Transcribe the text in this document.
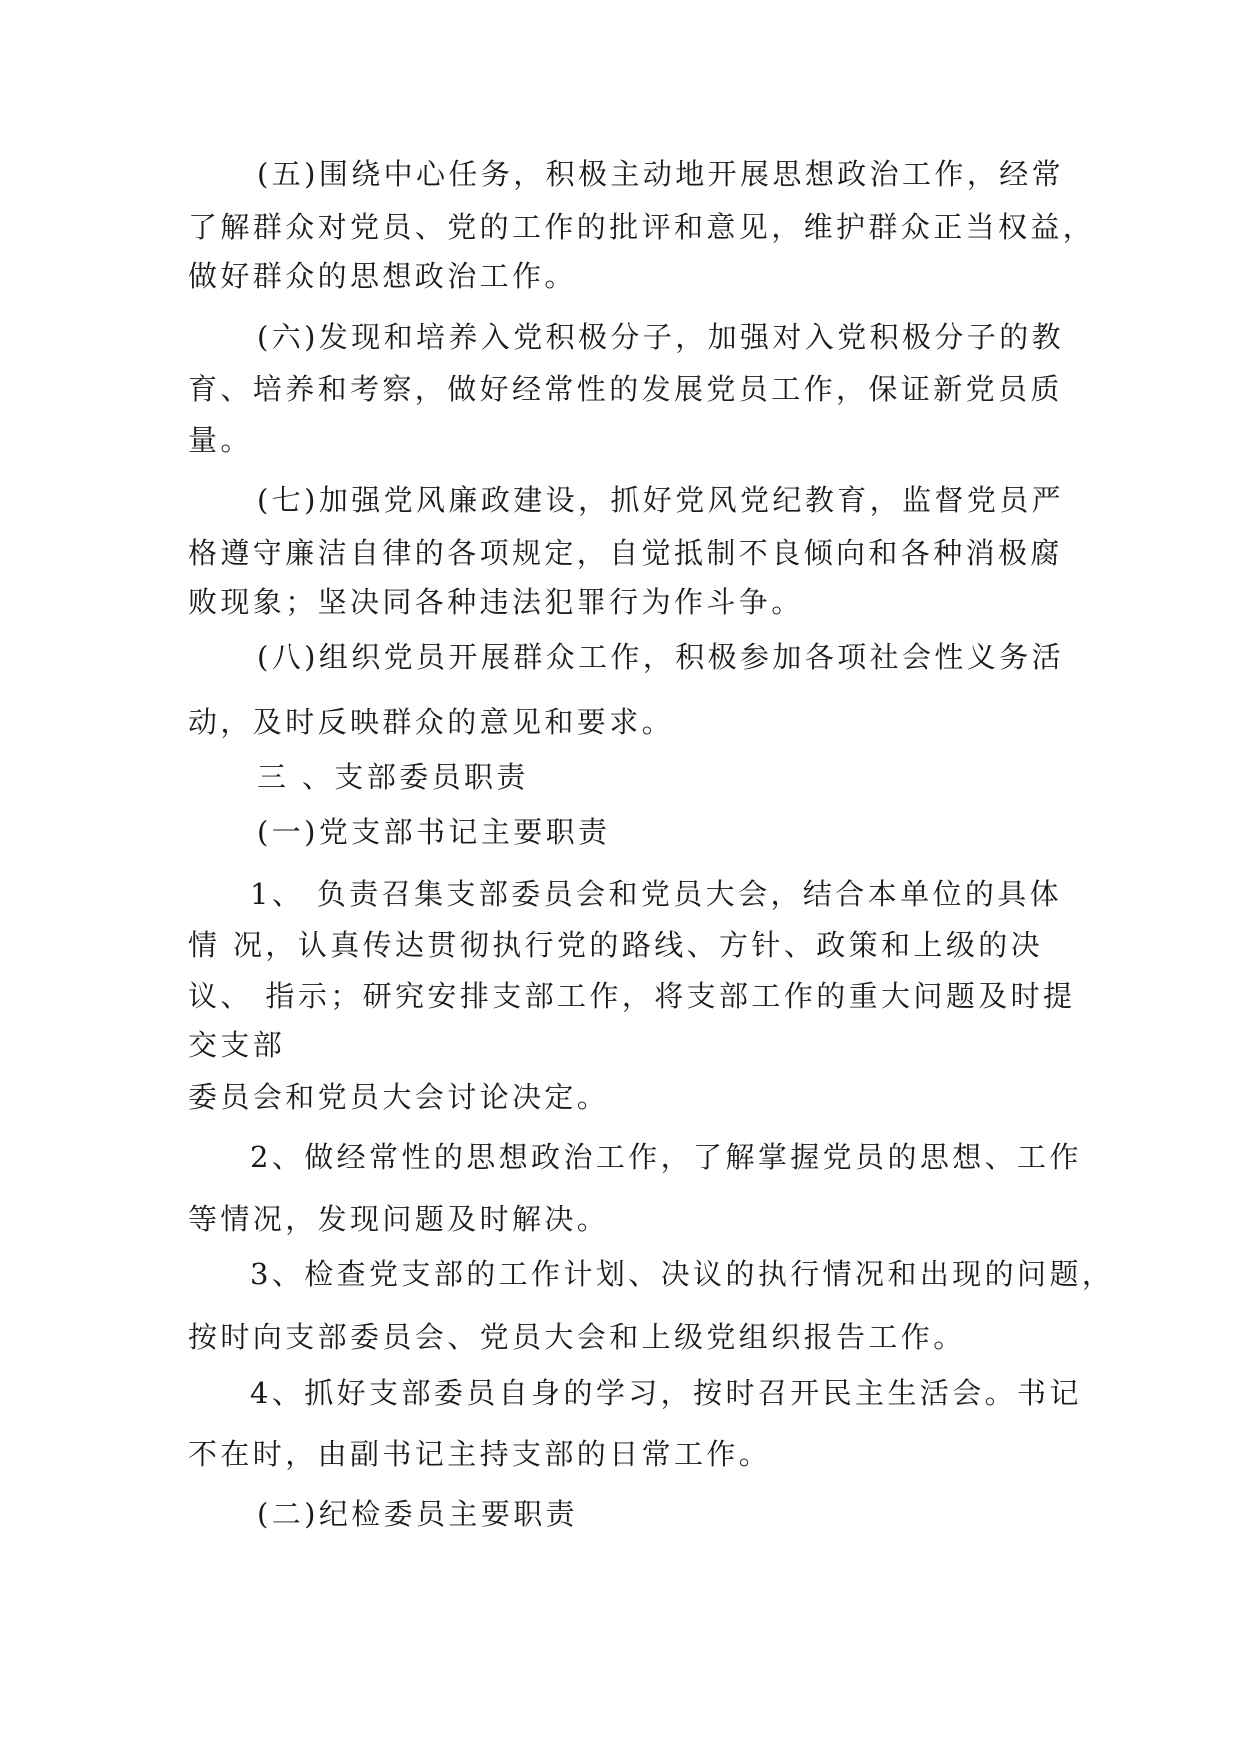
(五)围绕中心任务，积极主动地开展思想政治工作，经常
了解群众对党员、党的工作的批评和意见，维护群众正当权益，
做好群众的思想政治工作。
(六)发现和培养入党积极分子，加强对入党积极分子的教
育、培养和考察，做好经常性的发展党员工作，保证新党员质
量。
(七)加强党风廉政建设，抓好党风党纪教育，监督党员严
格遵守廉洁自律的各项规定，自觉抵制不良倾向和各种消极腐
败现象；坚决同各种违法犯罪行为作斗争。
(八)组织党员开展群众工作，积极参加各项社会性义务活
动，及时反映群众的意见和要求。
三 、支部委员职责
(一)党支部书记主要职责
1、 负责召集支部委员会和党员大会，结合本单位的具体
情 况，认真传达贯彻执行党的路线、方针、政策和上级的决
议、 指示；研究安排支部工作，将支部工作的重大问题及时提
交支部
委员会和党员大会讨论决定。
2、做经常性的思想政治工作，了解掌握党员的思想、工作
等情况，发现问题及时解决。
3、检查党支部的工作计划、决议的执行情况和出现的问题，
按时向支部委员会、党员大会和上级党组织报告工作。
4、抓好支部委员自身的学习，按时召开民主生活会。书记
不在时，由副书记主持支部的日常工作。
(二)纪检委员主要职责
